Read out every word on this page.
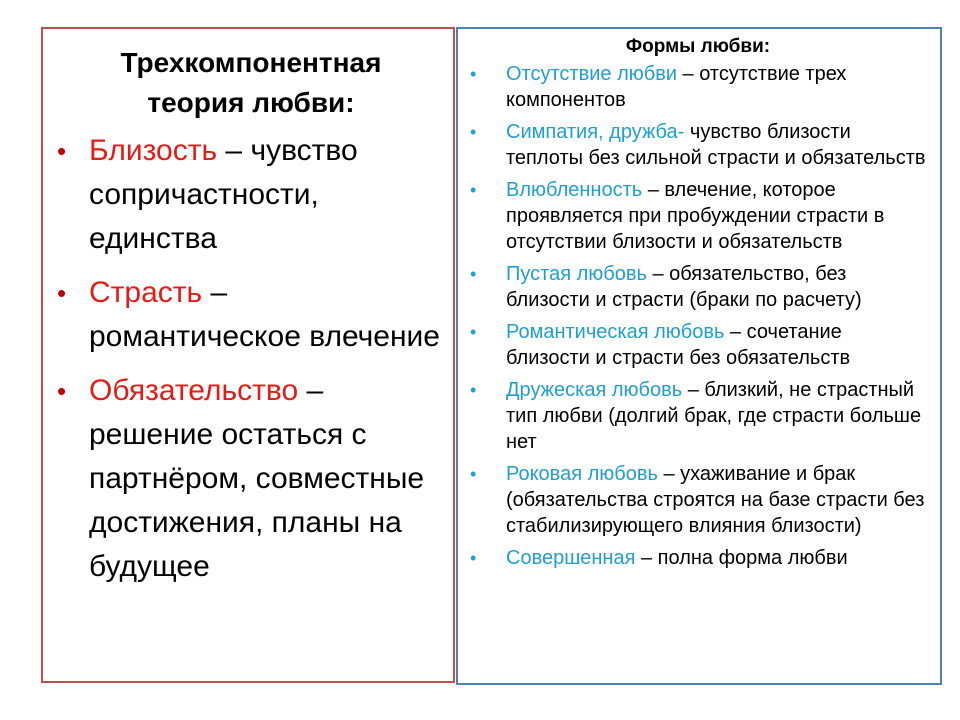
Трехкомпонентная
теория любви:
• Близость – чувство сопричастности, единства
• Страсть – романтическое влечение
• Обязательство – решение остаться с партнёром, совместные достижения, планы на будущее
Формы любви:
• Отсутствие любви – отсутствие трех компонентов
• Симпатия, дружба- чувство близости теплоты без сильной страсти и обязательств
• Влюбленность – влечение, которое проявляется при пробуждении страсти в отсутствии близости и обязательств
• Пустая любовь – обязательство, без близости и страсти (браки по расчету)
• Романтическая любовь – сочетание близости и страсти без обязательств
• Дружеская любовь – близкий, не страстный тип любви (долгий брак, где страсти больше нет
• Роковая любовь – ухаживание и брак (обязательства строятся на базе страсти без стабилизирующего влияния близости)
• Совершенная – полна форма любви
